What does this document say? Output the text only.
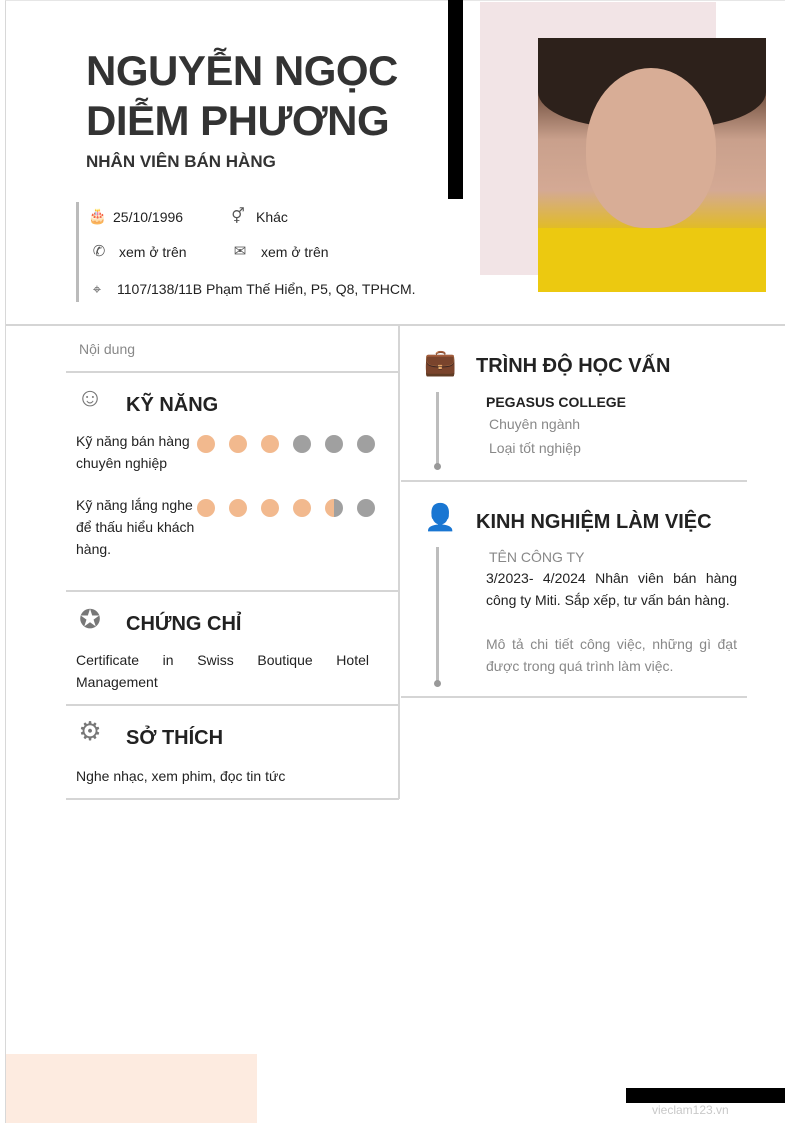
NGUYỄN NGỌC
DIỄM PHƯƠNG
NHÂN VIÊN BÁN HÀNG
🎂 25/10/1996	⚥ Khác
✆ xem ở trên	✉ xem ở trên
⌖	1107/138/11B Phạm Thế Hiển, P5, Q8, TPHCM.
Nội dung
☺ KỸ NĂNG
Kỹ năng bán hàng chuyên nghiệp
Kỹ năng lắng nghe để thấu hiểu khách hàng.
✪ CHỨNG CHỈ
Certificate in Swiss Boutique Hotel Management
⚙ SỞ THÍCH
Nghe nhạc, xem phim, đọc tin tức
💼 TRÌNH ĐỘ HỌC VẤN
PEGASUS COLLEGE
Chuyên ngành
Loại tốt nghiệp
👤 KINH NGHIỆM LÀM VIỆC
TÊN CÔNG TY
3/2023- 4/2024 Nhân viên bán hàng công ty Miti. Sắp xếp, tư vấn bán hàng.
Mô tả chi tiết công việc, những gì đạt được trong quá trình làm việc.
vieclam123.vn
